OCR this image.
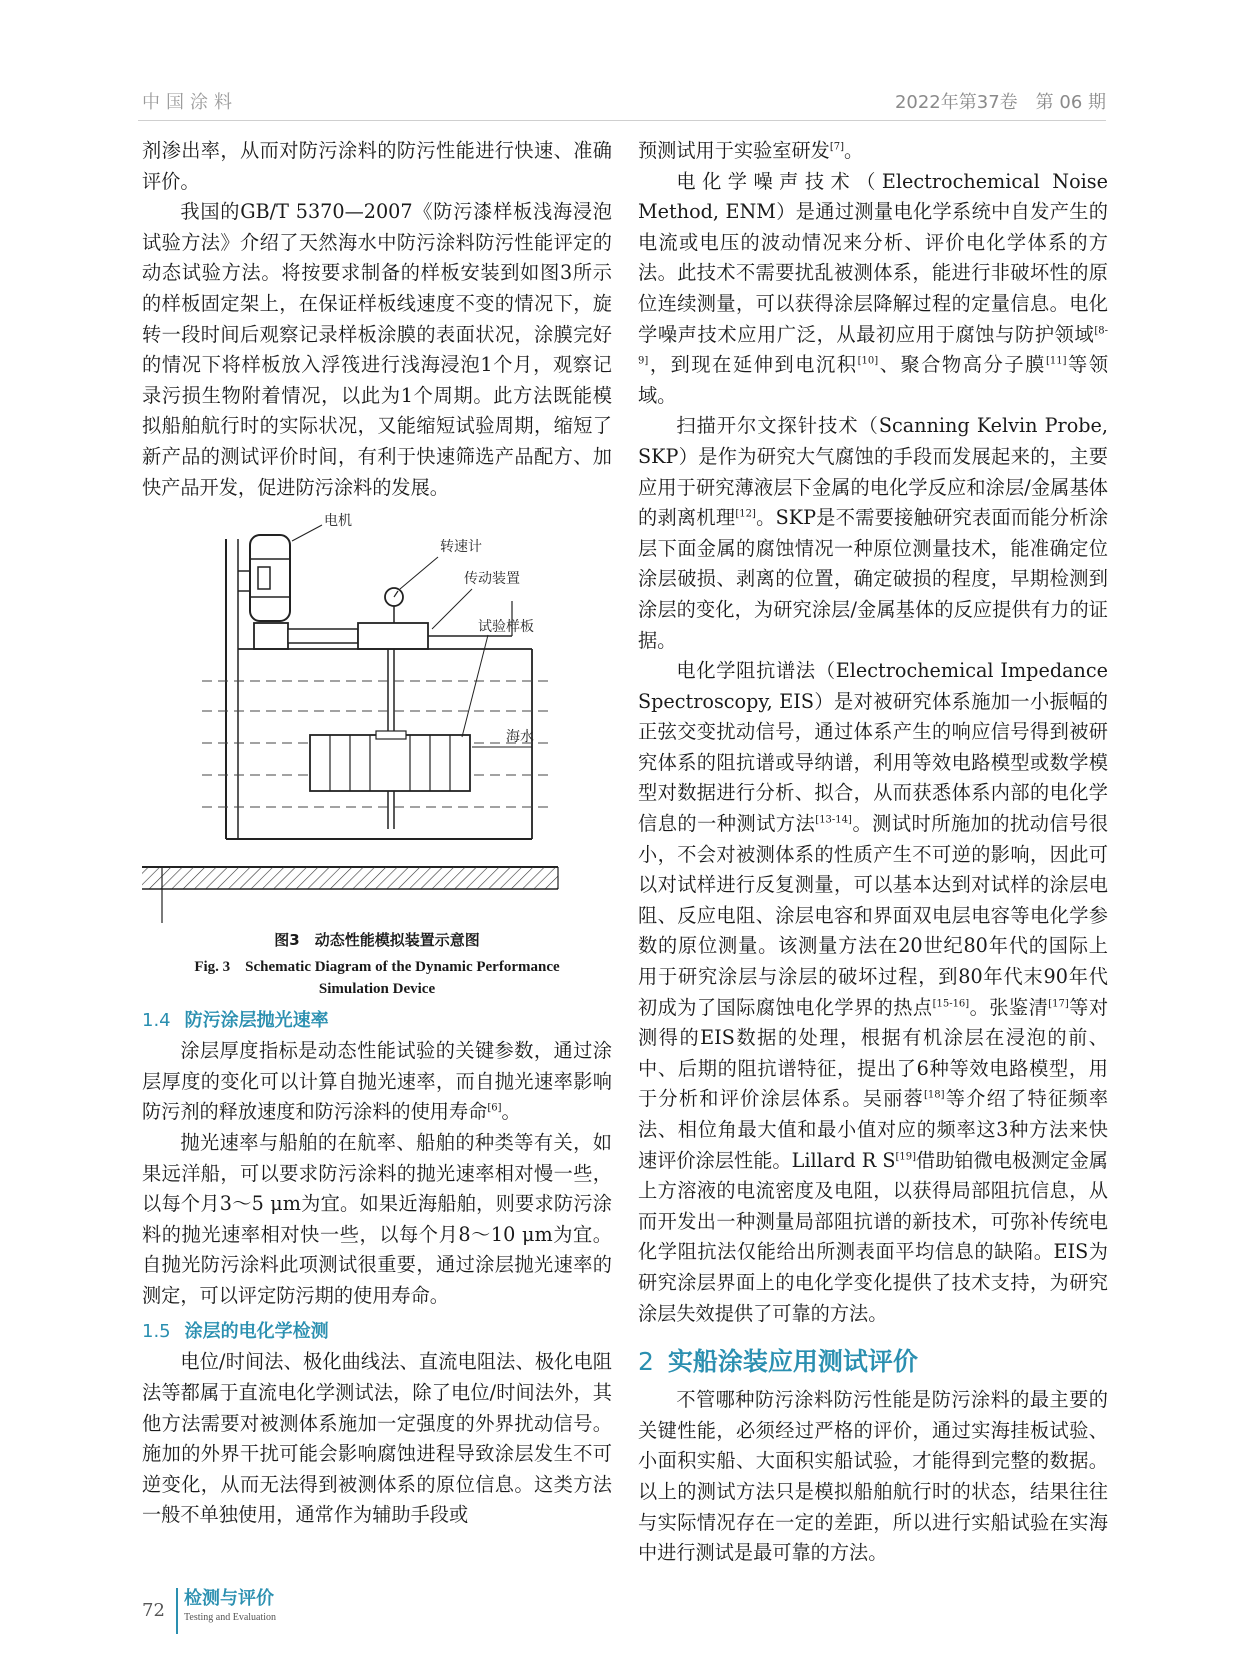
中国涂料	2022年第37卷　第 06 期

剂渗出率，从而对防污涂料的防污性能进行快速、准确评价。

我国的GB/T 5370—2007《防污漆样板浅海浸泡试验方法》介绍了天然海水中防污涂料防污性能评定的动态试验方法。将按要求制备的样板安装到如图3所示的样板固定架上，在保证样板线速度不变的情况下，旋转一段时间后观察记录样板涂膜的表面状况，涂膜完好的情况下将样板放入浮筏进行浅海浸泡1个月，观察记录污损生物附着情况，以此为1个周期。此方法既能模拟船舶航行时的实际状况，又能缩短试验周期，缩短了新产品的测试评价时间，有利于快速筛选产品配方、加快产品开发，促进防污涂料的发展。

电机
转速计
传动装置
试验样板
海水
图3　动态性能模拟装置示意图
Fig. 3　Schematic Diagram of the Dynamic Performance
Simulation Device
1.4 防污涂层抛光速率

涂层厚度指标是动态性能试验的关键参数，通过涂层厚度的变化可以计算自抛光速率，而自抛光速率影响防污剂的释放速度和防污涂料的使用寿命[6]。

抛光速率与船舶的在航率、船舶的种类等有关，如果远洋船，可以要求防污涂料的抛光速率相对慢一些，以每个月3～5 μm为宜。如果近海船舶，则要求防污涂料的抛光速率相对快一些，以每个月8～10 μm为宜。自抛光防污涂料此项测试很重要，通过涂层抛光速率的测定，可以评定防污期的使用寿命。

1.5 涂层的电化学检测

电位/时间法、极化曲线法、直流电阻法、极化电阻法等都属于直流电化学测试法，除了电位/时间法外，其他方法需要对被测体系施加一定强度的外界扰动信号。施加的外界干扰可能会影响腐蚀进程导致涂层发生不可逆变化，从而无法得到被测体系的原位信息。这类方法一般不单独使用，通常作为辅助手段或

预测试用于实验室研发[7]。

电化学噪声技术（Electrochemical Noise Method, ENM）是通过测量电化学系统中自发产生的电流或电压的波动情况来分析、评价电化学体系的方法。此技术不需要扰乱被测体系，能进行非破坏性的原位连续测量，可以获得涂层降解过程的定量信息。电化学噪声技术应用广泛，从最初应用于腐蚀与防护领域[8-9]，到现在延伸到电沉积[10]、聚合物高分子膜[11]等领域。

扫描开尔文探针技术（Scanning Kelvin Probe, SKP）是作为研究大气腐蚀的手段而发展起来的，主要应用于研究薄液层下金属的电化学反应和涂层/金属基体的剥离机理[12]。SKP是不需要接触研究表面而能分析涂层下面金属的腐蚀情况一种原位测量技术，能准确定位涂层破损、剥离的位置，确定破损的程度，早期检测到涂层的变化，为研究涂层/金属基体的反应提供有力的证据。

电化学阻抗谱法（Electrochemical Impedance Spectroscopy, EIS）是对被研究体系施加一小振幅的正弦交变扰动信号，通过体系产生的响应信号得到被研究体系的阻抗谱或导纳谱，利用等效电路模型或数学模型对数据进行分析、拟合，从而获悉体系内部的电化学信息的一种测试方法[13-14]。测试时所施加的扰动信号很小，不会对被测体系的性质产生不可逆的影响，因此可以对试样进行反复测量，可以基本达到对试样的涂层电阻、反应电阻、涂层电容和界面双电层电容等电化学参数的原位测量。该测量方法在20世纪80年代的国际上用于研究涂层与涂层的破坏过程，到80年代末90年代初成为了国际腐蚀电化学界的热点[15-16]。张鉴清[17]等对测得的EIS数据的处理，根据有机涂层在浸泡的前、中、后期的阻抗谱特征，提出了6种等效电路模型，用于分析和评价涂层体系。吴丽蓉[18]等介绍了特征频率法、相位角最大值和最小值对应的频率这3种方法来快速评价涂层性能。Lillard R S[19]借助铂微电极测定金属上方溶液的电流密度及电阻，以获得局部阻抗信息，从而开发出一种测量局部阻抗谱的新技术，可弥补传统电化学阻抗法仅能给出所测表面平均信息的缺陷。EIS为研究涂层界面上的电化学变化提供了技术支持，为研究涂层失效提供了可靠的方法。

2 实船涂装应用测试评价

不管哪种防污涂料防污性能是防污涂料的最主要的关键性能，必须经过严格的评价，通过实海挂板试验、小面积实船、大面积实船试验，才能得到完整的数据。以上的测试方法只是模拟船舶航行时的状态，结果往往与实际情况存在一定的差距，所以进行实船试验在实海中进行测试是最可靠的方法。

72
检测与评价
Testing and Evaluation
